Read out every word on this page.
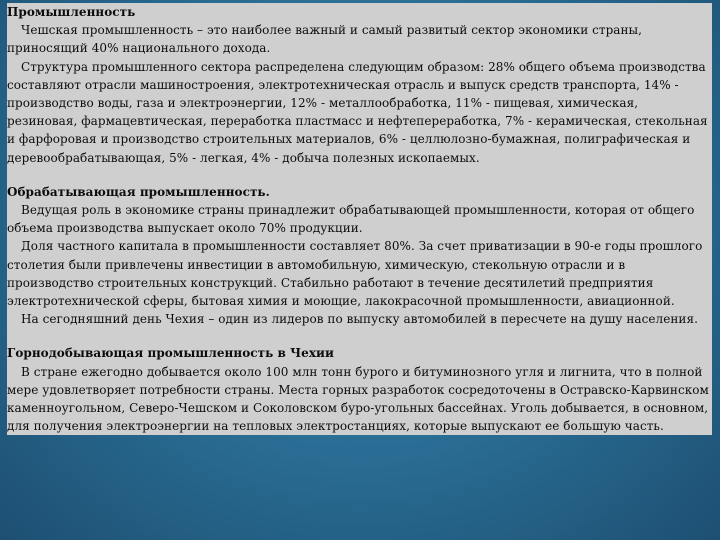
Промышленность

Чешская промышленность – это наиболее важный и самый развитый сектор экономики страны, приносящий 40% национального дохода.

Структура промышленного сектора распределена следующим образом: 28% общего объема производства составляют отрасли машиностроения, электротехническая отрасль и выпуск средств транспорта, 14% - производство воды, газа и электроэнергии, 12% - металлообработка, 11% - пищевая, химическая, резиновая, фармацевтическая, переработка пластмасс и нефтепереработка, 7% - керамическая, стекольная и фарфоровая и производство строительных материалов, 6% - целлюлозно-бумажная, полиграфическая и деревообрабатывающая, 5% - легкая, 4% - добыча полезных ископаемых.

Обрабатывающая промышленность.

Ведущая роль в экономике страны принадлежит обрабатывающей промышленности, которая от общего объема производства выпускает около 70% продукции.

Доля частного капитала в промышленности составляет 80%. За счет приватизации в 90-е годы прошлого столетия были привлечены инвестиции в автомобильную, химическую, стекольную отрасли и в производство строительных конструкций. Стабильно работают в течение десятилетий предприятия электротехнической сферы, бытовая химия и моющие, лакокрасочной промышленности, авиационной.

На сегодняшний день Чехия – один из лидеров по выпуску автомобилей в пересчете на душу населения.

Горнодобывающая промышленность в Чехии

В стране ежегодно добывается около 100 млн тонн бурого и битуминозного угля и лигнита, что в полной мере удовлетворяет потребности страны. Места горных разработок сосредоточены в Остравско-Карвинском каменноугольном, Северо-Чешском и Соколовском буро-угольных бассейнах. Уголь добывается, в основном, для получения электроэнергии на тепловых электростанциях, которые выпускают ее большую часть.
